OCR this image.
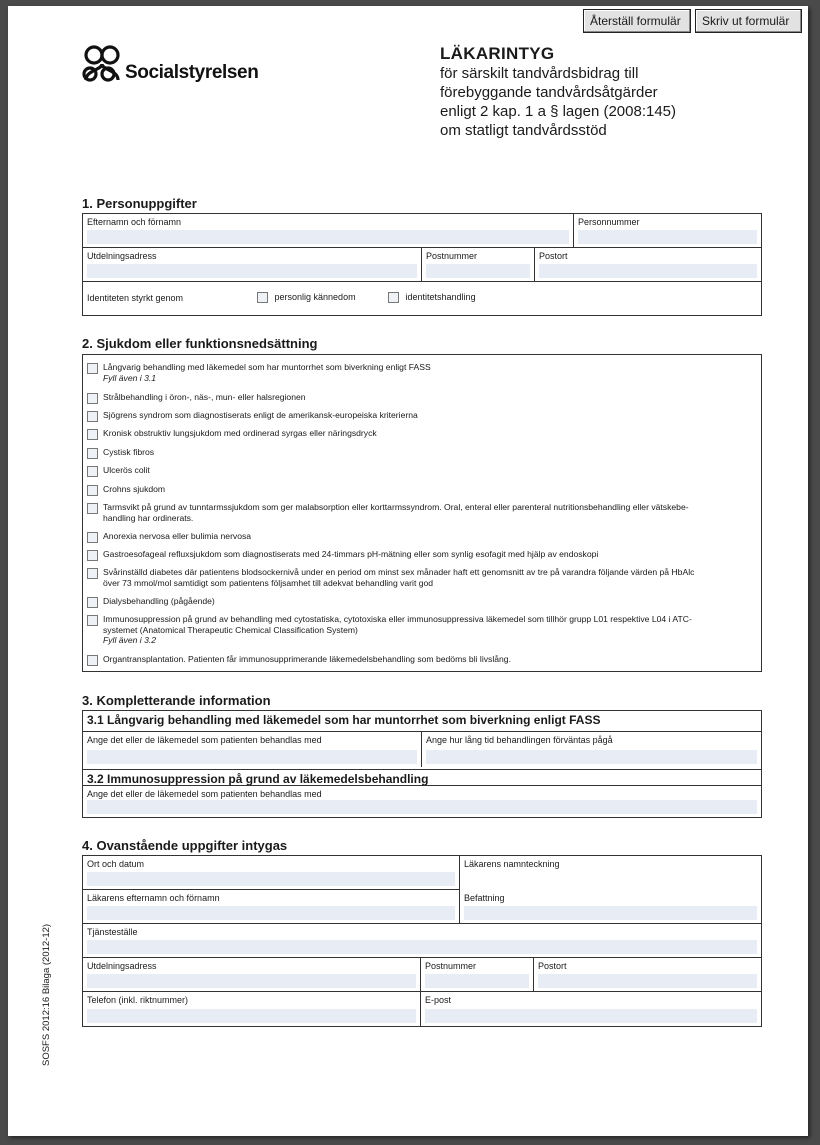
Återställ formulär	Skriv ut formulär
Socialstyrelsen
LÄKARINTYG
för särskilt tandvårdsbidrag till
förebyggande tandvårdsåtgärder
enligt 2 kap. 1 a § lagen (2008:145)
om statligt tandvårdsstöd
1. Personuppgifter
Efternamn och förnamn	Personnummer
Utdelningsadress	Postnummer	Postort
Identiteten styrkt genom	personlig kännedom	identitetshandling
2. Sjukdom eller funktionsnedsättning
Långvarig behandling med läkemedel som har muntorrhet som biverkning enligt FASS
Fyll även i 3.1
Strålbehandling i öron-, näs-, mun- eller halsregionen
Sjögrens syndrom som diagnostiserats enligt de amerikansk-europeiska kriterierna
Kronisk obstruktiv lungsjukdom med ordinerad syrgas eller näringsdryck
Cystisk fibros
Ulcerös colit
Crohns sjukdom
Tarmsvikt på grund av tunntarmssjukdom som ger malabsorption eller korttarmssyndrom. Oral, enteral eller parenteral nutritionsbehandling eller vätskebe-
handling har ordinerats.
Anorexia nervosa eller bulimia nervosa
Gastroesofageal refluxsjukdom som diagnostiserats med 24-timmars pH-mätning eller som synlig esofagit med hjälp av endoskopi
Svårinställd diabetes där patientens blodsockernivå under en period om minst sex månader haft ett genomsnitt av tre på varandra följande värden på HbAlc
över 73 mmol/mol samtidigt som patientens följsamhet till adekvat behandling varit god
Dialysbehandling (pågående)
Immunosuppression på grund av behandling med cytostatiska, cytotoxiska eller immunosuppressiva läkemedel som tillhör grupp L01 respektive L04 i ATC-
systemet (Anatomical Therapeutic Chemical Classification System)
Fyll även i 3.2
Organtransplantation. Patienten får immunosupprimerande läkemedelsbehandling som bedöms bli livslång.
3. Kompletterande information
3.1 Långvarig behandling med läkemedel som har muntorrhet som biverkning enligt FASS
Ange det eller de läkemedel som patienten behandlas med	Ange hur lång tid behandlingen förväntas pågå
3.2 Immunosuppression på grund av läkemedelsbehandling
Ange det eller de läkemedel som patienten behandlas med
4. Ovanstående uppgifter intygas
Ort och datum	Läkarens namnteckning
Läkarens efternamn och förnamn	Befattning
Tjänsteställe
Utdelningsadress	Postnummer	Postort
Telefon (inkl. riktnummer)	E-post
SOSFS 2012:16 Bilaga (2012-12)
